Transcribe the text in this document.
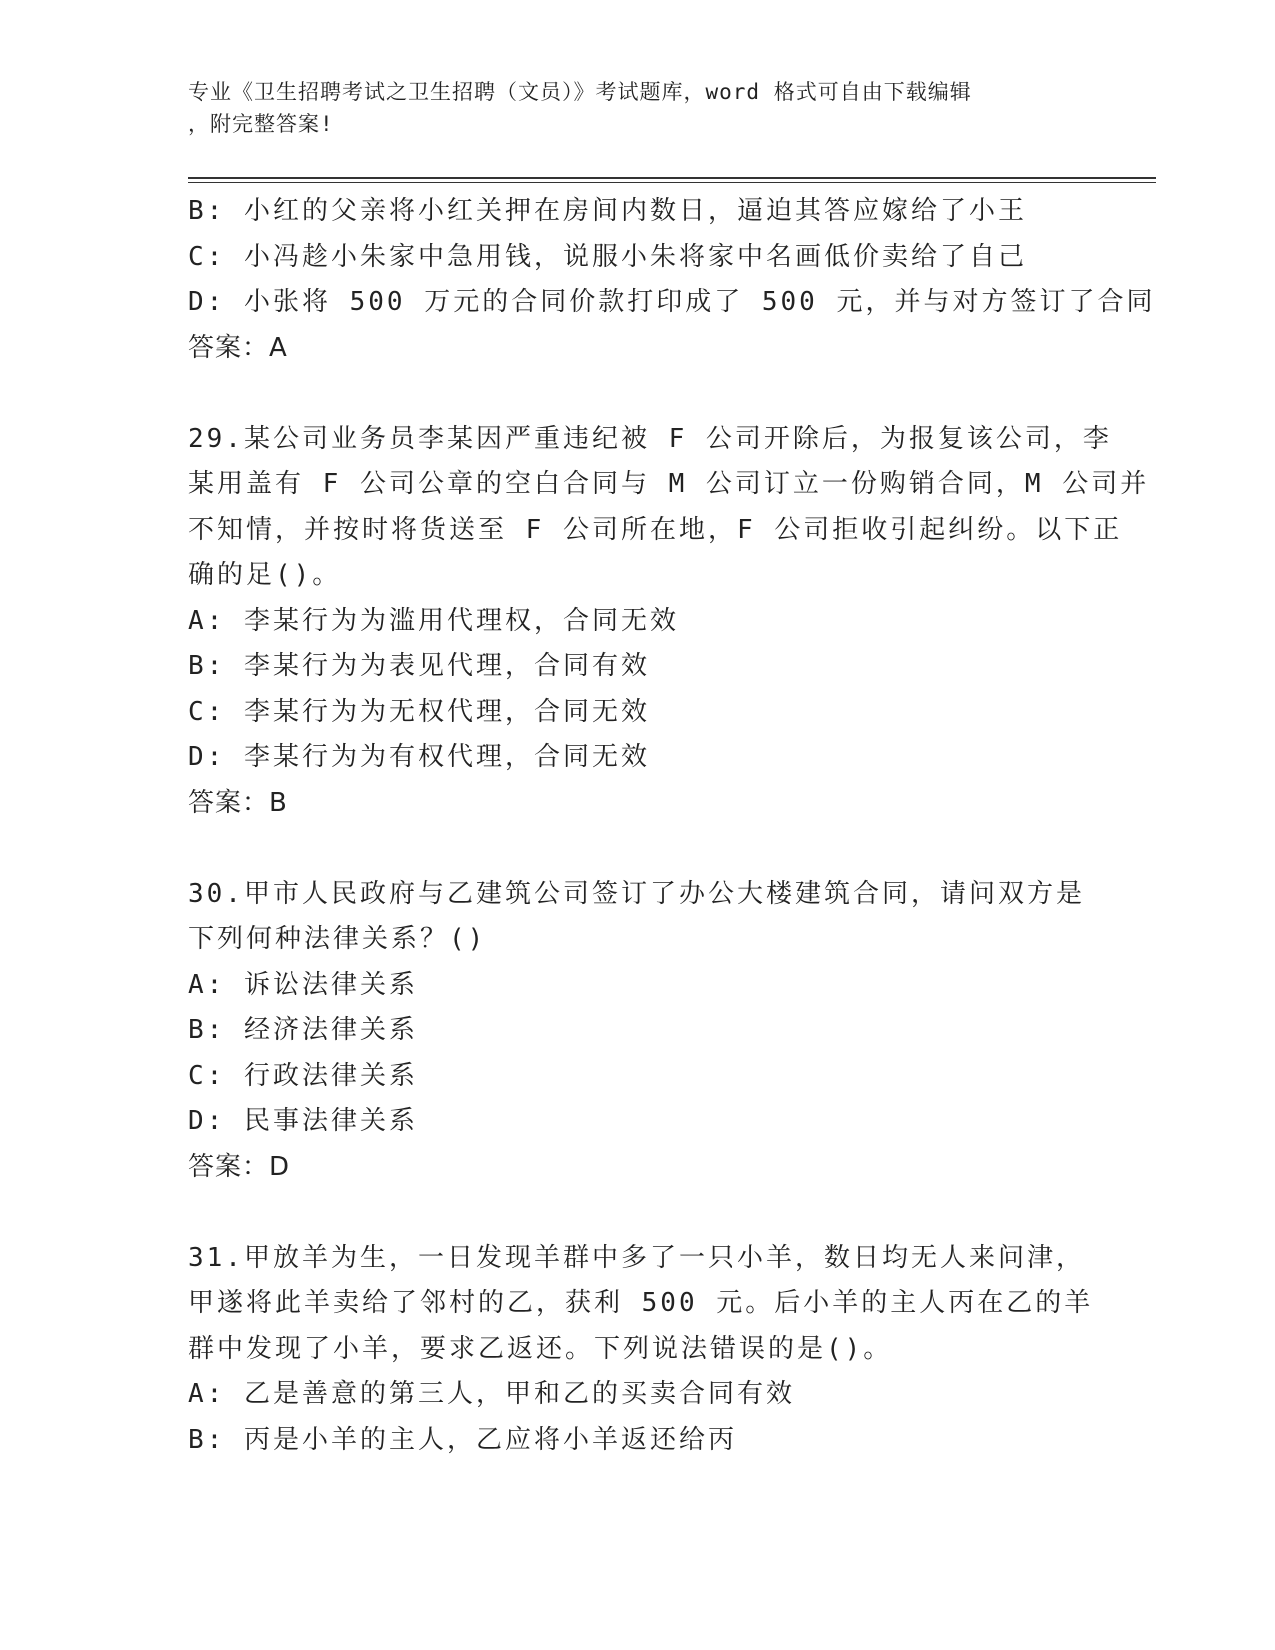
专业《卫生招聘考试之卫生招聘（文员）》考试题库，word 格式可自由下载编辑
，附完整答案!
B: 小红的父亲将小红关押在房间内数日，逼迫其答应嫁给了小王
C: 小冯趁小朱家中急用钱，说服小朱将家中名画低价卖给了自己
D: 小张将 500 万元的合同价款打印成了 500 元，并与对方签订了合同
答案：A
29.某公司业务员李某因严重违纪被 F 公司开除后，为报复该公司，李
某用盖有 F 公司公章的空白合同与 M 公司订立一份购销合同，M 公司并
不知情，并按时将货送至 F 公司所在地，F 公司拒收引起纠纷。以下正
确的足()。
A: 李某行为为滥用代理权，合同无效
B: 李某行为为表见代理，合同有效
C: 李某行为为无权代理，合同无效
D: 李某行为为有权代理，合同无效
答案：B
30.甲市人民政府与乙建筑公司签订了办公大楼建筑合同，请问双方是
下列何种法律关系？()
A: 诉讼法律关系
B: 经济法律关系
C: 行政法律关系
D: 民事法律关系
答案：D
31.甲放羊为生，一日发现羊群中多了一只小羊，数日均无人来问津，
甲遂将此羊卖给了邻村的乙，获利 500 元。后小羊的主人丙在乙的羊
群中发现了小羊，要求乙返还。下列说法错误的是()。
A: 乙是善意的第三人，甲和乙的买卖合同有效
B: 丙是小羊的主人，乙应将小羊返还给丙
